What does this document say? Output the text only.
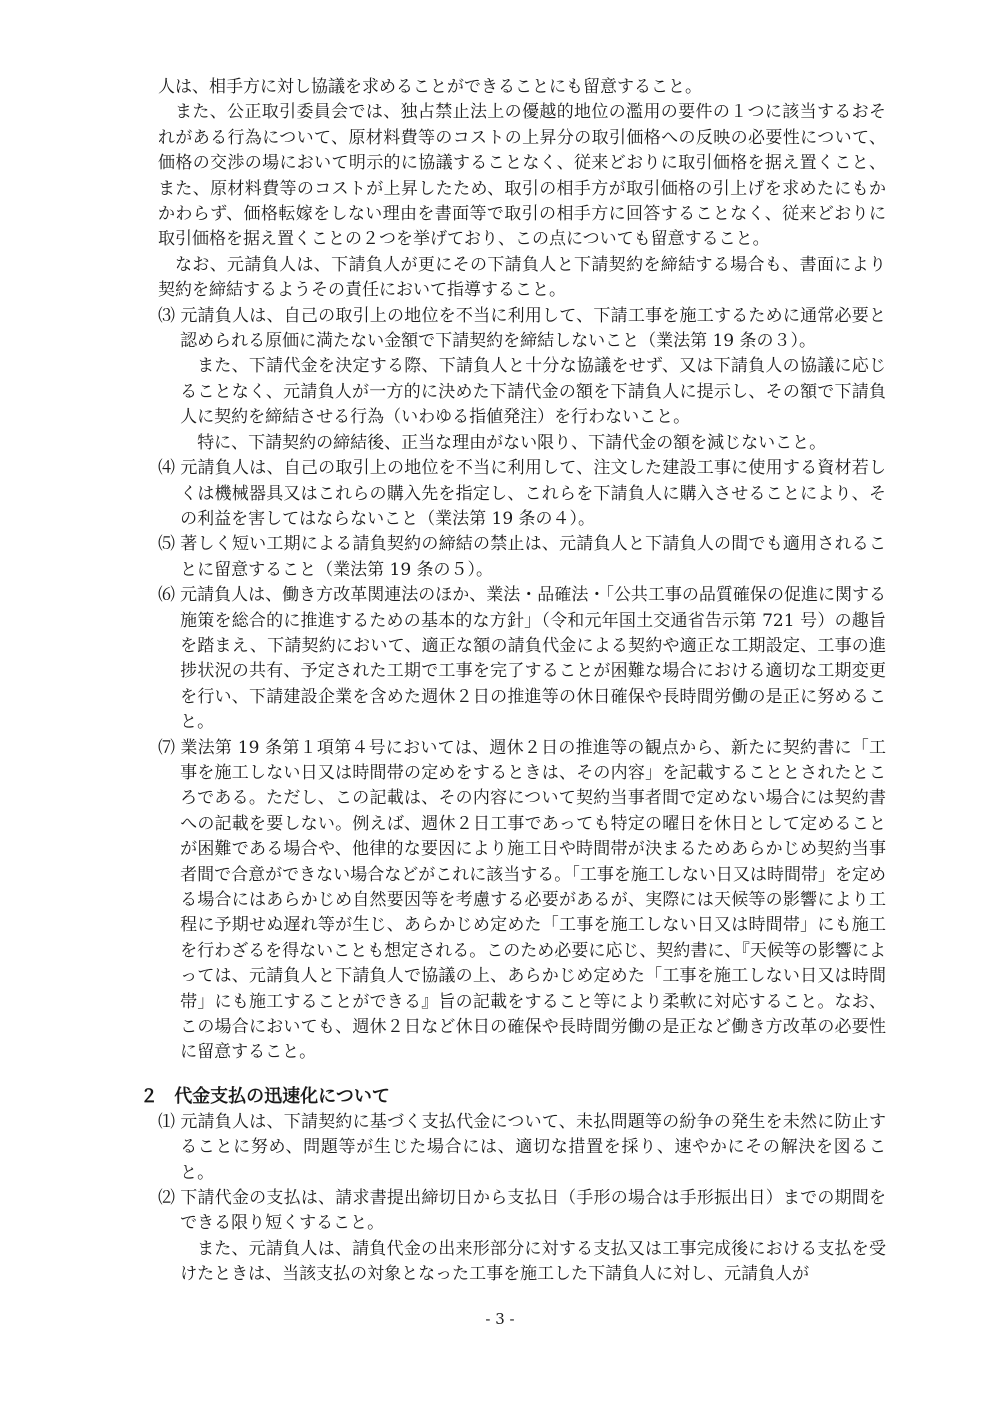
人は、相手方に対し協議を求めることができることにも留意すること。

また、公正取引委員会では、独占禁止法上の優越的地位の濫用の要件の１つに該当するおそれがある行為について、原材料費等のコストの上昇分の取引価格への反映の必要性について、価格の交渉の場において明示的に協議することなく、従来どおりに取引価格を据え置くこと、また、原材料費等のコストが上昇したため、取引の相手方が取引価格の引上げを求めたにもかかわらず、価格転嫁をしない理由を書面等で取引の相手方に回答することなく、従来どおりに取引価格を据え置くことの２つを挙げており、この点についても留意すること。

なお、元請負人は、下請負人が更にその下請負人と下請契約を締結する場合も、書面により契約を締結するようその責任において指導すること。

⑶ 元請負人は、自己の取引上の地位を不当に利用して、下請工事を施工するために通常必要と認められる原価に満たない金額で下請契約を締結しないこと（業法第 19 条の３）。

また、下請代金を決定する際、下請負人と十分な協議をせず、又は下請負人の協議に応じることなく、元請負人が一方的に決めた下請代金の額を下請負人に提示し、その額で下請負人に契約を締結させる行為（いわゆる指値発注）を行わないこと。

特に、下請契約の締結後、正当な理由がない限り、下請代金の額を減じないこと。

⑷ 元請負人は、自己の取引上の地位を不当に利用して、注文した建設工事に使用する資材若しくは機械器具又はこれらの購入先を指定し、これらを下請負人に購入させることにより、その利益を害してはならないこと（業法第 19 条の４）。

⑸ 著しく短い工期による請負契約の締結の禁止は、元請負人と下請負人の間でも適用されることに留意すること（業法第 19 条の５）。

⑹ 元請負人は、働き方改革関連法のほか、業法・品確法・「公共工事の品質確保の促進に関する施策を総合的に推進するための基本的な方針」（令和元年国土交通省告示第 721 号）の趣旨を踏まえ、下請契約において、適正な額の請負代金による契約や適正な工期設定、工事の進捗状況の共有、予定された工期で工事を完了することが困難な場合における適切な工期変更を行い、下請建設企業を含めた週休２日の推進等の休日確保や長時間労働の是正に努めること。

⑺ 業法第 19 条第１項第４号においては、週休２日の推進等の観点から、新たに契約書に「工事を施工しない日又は時間帯の定めをするときは、その内容」を記載することとされたところである。ただし、この記載は、その内容について契約当事者間で定めない場合には契約書への記載を要しない。例えば、週休２日工事であっても特定の曜日を休日として定めることが困難である場合や、他律的な要因により施工日や時間帯が決まるためあらかじめ契約当事者間で合意ができない場合などがこれに該当する。「工事を施工しない日又は時間帯」を定める場合にはあらかじめ自然要因等を考慮する必要があるが、実際には天候等の影響により工程に予期せぬ遅れ等が生じ、あらかじめ定めた「工事を施工しない日又は時間帯」にも施工を行わざるを得ないことも想定される。このため必要に応じ、契約書に、『天候等の影響によっては、元請負人と下請負人で協議の上、あらかじめ定めた「工事を施工しない日又は時間帯」にも施工することができる』旨の記載をすること等により柔軟に対応すること。なお、この場合においても、週休２日など休日の確保や長時間労働の是正など働き方改革の必要性に留意すること。

２ 代金支払の迅速化について

⑴ 元請負人は、下請契約に基づく支払代金について、未払問題等の紛争の発生を未然に防止することに努め、問題等が生じた場合には、適切な措置を採り、速やかにその解決を図ること。

⑵ 下請代金の支払は、請求書提出締切日から支払日（手形の場合は手形振出日）までの期間をできる限り短くすること。

また、元請負人は、請負代金の出来形部分に対する支払又は工事完成後における支払を受けたときは、当該支払の対象となった工事を施工した下請負人に対し、元請負人が

- 3 -
